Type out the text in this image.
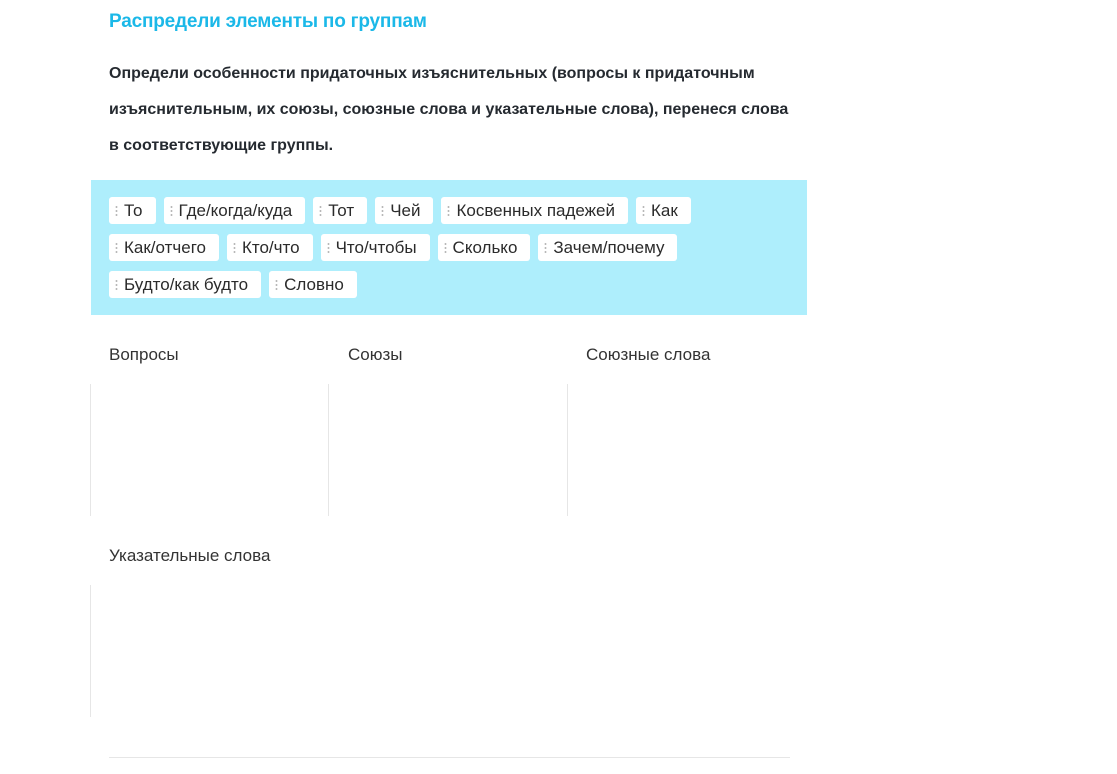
Распредели элементы по группам
Определи особенности придаточных изъяснительных (вопросы к придаточным изъяснительным, их союзы, союзные слова и указательные слова), перенеся слова в соответствующие группы.
То Где/когда/куда Тот Чей Косвенных падежей Как
Как/отчего Кто/что Что/чтобы Сколько Зачем/почему
Будто/как будто Словно
Вопросы	Союзы	Союзные слова
Указательные слова
